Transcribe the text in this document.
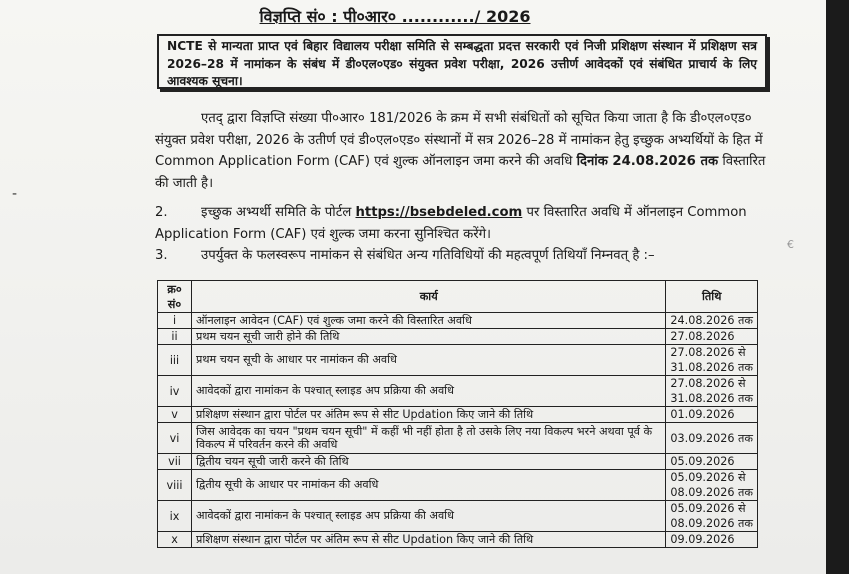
-
€
विज्ञप्ति सं० : पी०आर० ............/ 2026
NCTE से मान्यता प्राप्त एवं बिहार विद्यालय परीक्षा समिति से सम्बद्धता प्रदत्त सरकारी एवं निजी प्रशिक्षण संस्थान में प्रशिक्षण सत्र 2026–28 में नामांकन के संबंध में डी०एल०एड० संयुक्त प्रवेश परीक्षा, 2026 उत्तीर्ण आवेदकों एवं संबंधित प्राचार्य के लिए आवश्यक सूचना।
एतद् द्वारा विज्ञप्ति संख्या पी०आर० 181/2026 के क्रम में सभी संबंधितों को सूचित किया जाता है कि डी०एल०एड० संयुक्त प्रवेश परीक्षा, 2026 के उतीर्ण एवं डी०एल०एड० संस्थानों में सत्र 2026–28 में नामांकन हेतु इच्छुक अभ्यर्थियों के हित में Common Application Form (CAF) एवं शुल्क ऑनलाइन जमा करने की अवधि दिनांक 24.08.2026 तक विस्तारित की जाती है।
2.	इच्छुक अभ्यर्थी समिति के पोर्टल https://bsebdeled.com पर विस्तारित अवधि में ऑनलाइन Common Application Form (CAF) एवं शुल्क जमा करना सुनिश्चित करेंगे।
3.	उपर्युक्त के फलस्वरूप नामांकन से संबंधित अन्य गतिविधियों की महत्वपूर्ण तिथियाँ निम्नवत् है :–
क्र० सं०	कार्य	तिथि
i	ऑनलाइन आवेदन (CAF) एवं शुल्क जमा करने की विस्तारित अवधि	24.08.2026 तक

ii	प्रथम चयन सूची जारी होने की तिथि	27.08.2026

iii	प्रथम चयन सूची के आधार पर नामांकन की अवधि	27.08.2026 से
31.08.2026 तक

iv	आवेदकों द्वारा नामांकन के पश्चात् स्लाइड अप प्रक्रिया की अवधि	27.08.2026 से
31.08.2026 तक

v	प्रशिक्षण संस्थान द्वारा पोर्टल पर अंतिम रूप से सीट Updation किए जाने की तिथि	01.09.2026

vi	जिस आवेदक का चयन "प्रथम चयन सूची" में कहीं भी नहीं होता है तो उसके लिए नया विकल्प भरने अथवा पूर्व के विकल्प में परिवर्तन करने की अवधि	03.09.2026 तक

vii	द्वितीय चयन सूची जारी करने की तिथि	05.09.2026

viii	द्वितीय सूची के आधार पर नामांकन की अवधि	05.09.2026 से
08.09.2026 तक

ix	आवेदकों द्वारा नामांकन के पश्चात् स्लाइड अप प्रक्रिया की अवधि	05.09.2026 से
08.09.2026 तक

x	प्रशिक्षण संस्थान द्वारा पोर्टल पर अंतिम रूप से सीट Updation किए जाने की तिथि	09.09.2026
